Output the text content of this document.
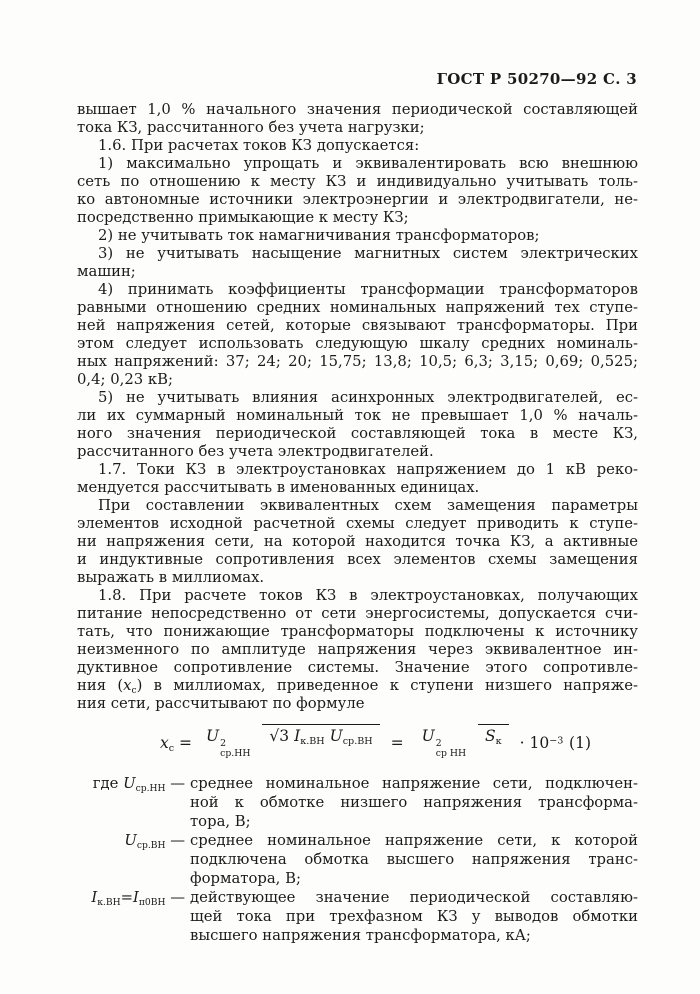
ГОСТ Р 50270—92 С. 3
вышает 1,0 % начального значения периодической составляющей
тока КЗ, рассчитанного без учета нагрузки;
1.6. При расчетах токов КЗ допускается:
1) максимально упрощать и эквивалентировать всю внешнюю
сеть по отношению к месту КЗ и индивидуально учитывать толь-
ко автономные источники электроэнергии и электродвигатели, не-
посредственно примыкающие к месту КЗ;
2) не учитывать ток намагничивания трансформаторов;
3) не учитывать насыщение магнитных систем электрических
машин;
4) принимать коэффициенты трансформации трансформаторов
равными отношению средних номинальных напряжений тех ступе-
ней напряжения сетей, которые связывают трансформаторы. При
этом следует использовать следующую шкалу средних номиналь-
ных напряжений: 37; 24; 20; 15,75; 13,8; 10,5; 6,3; 3,15; 0,69; 0,525;
0,4; 0,23 кВ;
5) не учитывать влияния асинхронных электродвигателей, ес-
ли их суммарный номинальный ток не превышает 1,0 % началь-
ного значения периодической составляющей тока в месте КЗ,
рассчитанного без учета электродвигателей.
1.7. Токи КЗ в электроустановках напряжением до 1 кВ реко-
мендуется рассчитывать в именованных единицах.
При составлении эквивалентных схем замещения параметры
элементов исходной расчетной схемы следует приводить к ступе-
ни напряжения сети, на которой находится точка КЗ, а активные
и индуктивные сопротивления всех элементов схемы замещения
выражать в миллиомах.
1.8. При расчете токов КЗ в электроустановках, получающих
питание непосредственно от сети энергосистемы, допускается счи-
тать, что понижающие трансформаторы подключены к источнику
неизменного по амплитуде напряжения через эквивалентное ин-
дуктивное сопротивление системы. Значение этого сопротивле-
ния $(x_с)$ в миллиомах, приведенное к ступени низшего напряже-
ния сети, рассчитывают по формуле
$x_с = U$ 2
ср.НН
√3 $I_{к.ВН}$ $U_{ср.ВН}$	=	U 2
ср НН
$S_к$	· $10^{-3}$ (1)
где $U_{ср.НН}$ — среднее номинальное напряжение сети, подключен-
ной к обмотке низшего напряжения трансформа-
тора, В;
$U_{ср.ВН}$ — среднее номинальное напряжение сети, к которой
подключена обмотка высшего напряжения транс-
форматора, В;
$I_{к.ВН}=I_{п0ВН}$ — действующее значение периодической составляю-
щей тока при трехфазном КЗ у выводов обмотки
высшего напряжения трансформатора, кА;
